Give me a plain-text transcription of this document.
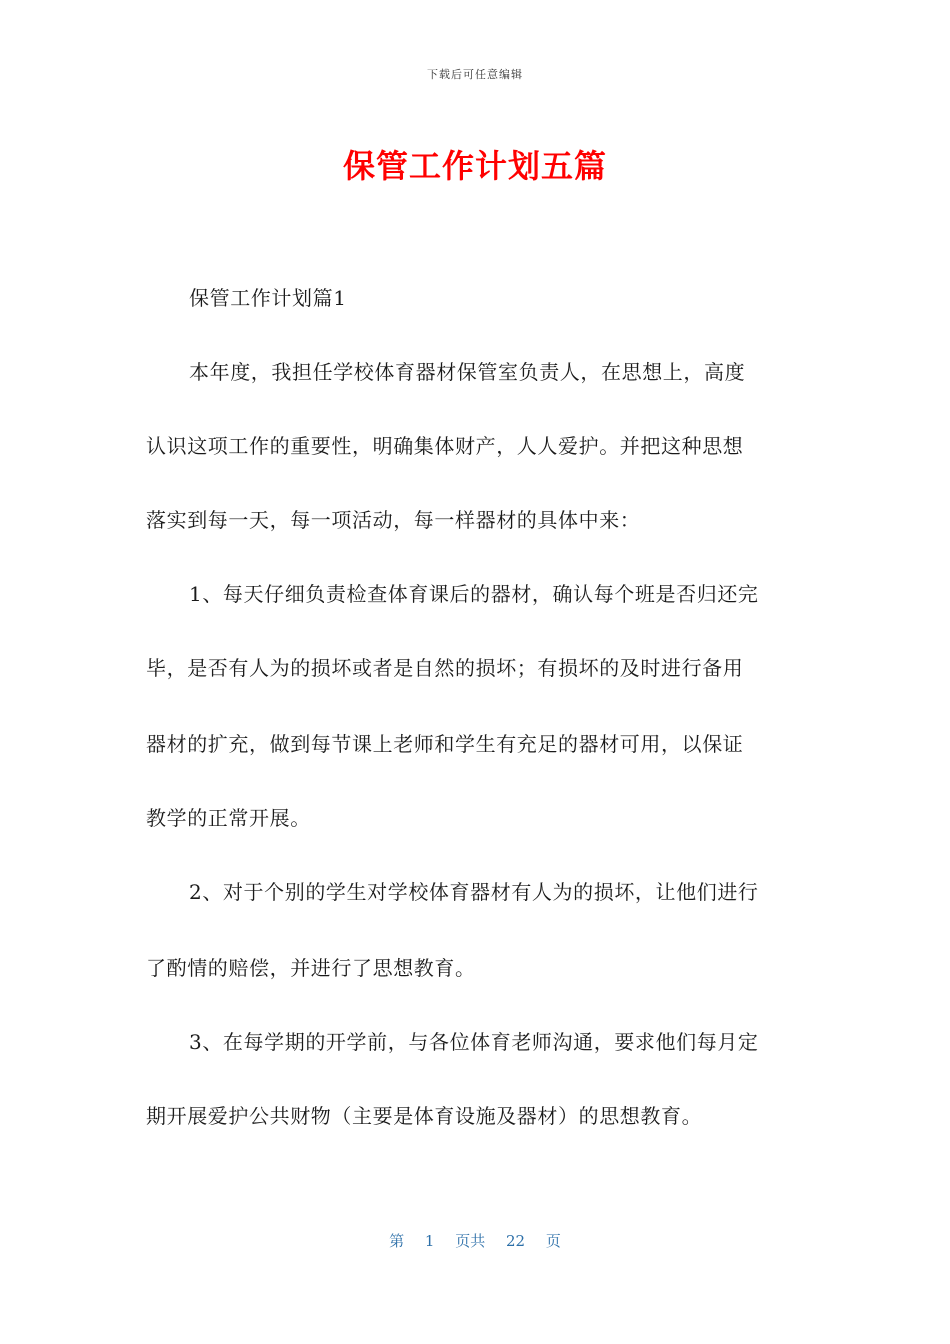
下载后可任意编辑
保管工作计划五篇
保管工作计划篇1
本年度，我担任学校体育器材保管室负责人，在思想上，高度
认识这项工作的重要性，明确集体财产，人人爱护。并把这种思想
落实到每一天，每一项活动，每一样器材的具体中来：
1、每天仔细负责检查体育课后的器材，确认每个班是否归还完
毕，是否有人为的损坏或者是自然的损坏；有损坏的及时进行备用
器材的扩充，做到每节课上老师和学生有充足的器材可用，以保证
教学的正常开展。
2、对于个别的学生对学校体育器材有人为的损坏，让他们进行
了酌情的赔偿，并进行了思想教育。
3、在每学期的开学前，与各位体育老师沟通，要求他们每月定
期开展爱护公共财物（主要是体育设施及器材）的思想教育。
第 1 页共 22 页
